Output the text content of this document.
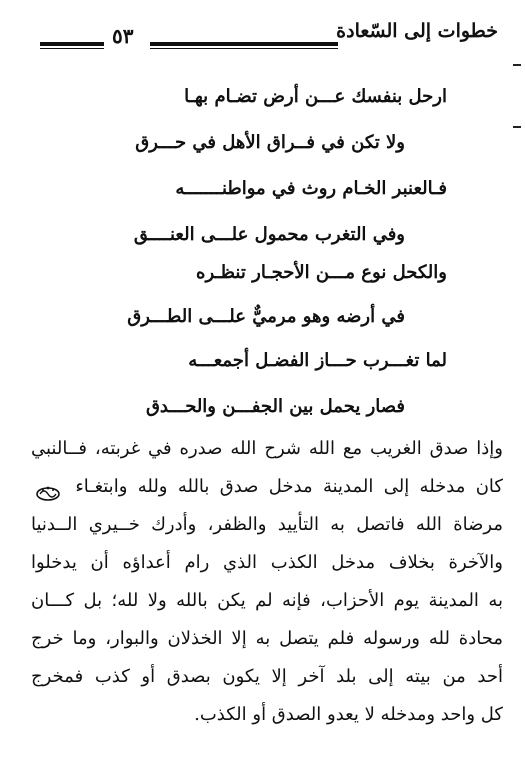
خطوات إلى السّعادة
٥٣
ارحل بنفسك عـــن أرض تضـام بهـا
ولا تكن في فــراق الأهل في حـــرق
فـالعنبر الخـام روث في مواطنـــــــه
وفي التغرب محمول علـــى العنــــق
والكحل نوع مـــن الأحجـار تنظـره
في أرضه وهو مرميٌّ علـــى الطـــرق
لما تغـــرب حـــاز الفضـل أجمعـــه
فصار يحمل بين الجفـــن والحـــدق
وإذا صدق الغريب مع الله شرح الله صدره في غربته، فــالنبي
كان مدخله إلى المدينة مدخل صدق بالله ولله وابتغـاء
مرضاة الله فاتصل به التأييد والظفر، وأدرك خــيري الــدنيا
والآخرة بخلاف مدخل الكذب الذي رام أعداؤه أن يدخلوا
به المدينة يوم الأحزاب، فإنه لم يكن بالله ولا لله؛ بل كـــان
محادة لله ورسوله فلم يتصل به إلا الخذلان والبوار، وما خرج
أحد من بيته إلى بلد آخر إلا يكون بصدق أو كذب فمخرج
كل واحد ومدخله لا يعدو الصدق أو الكذب.
